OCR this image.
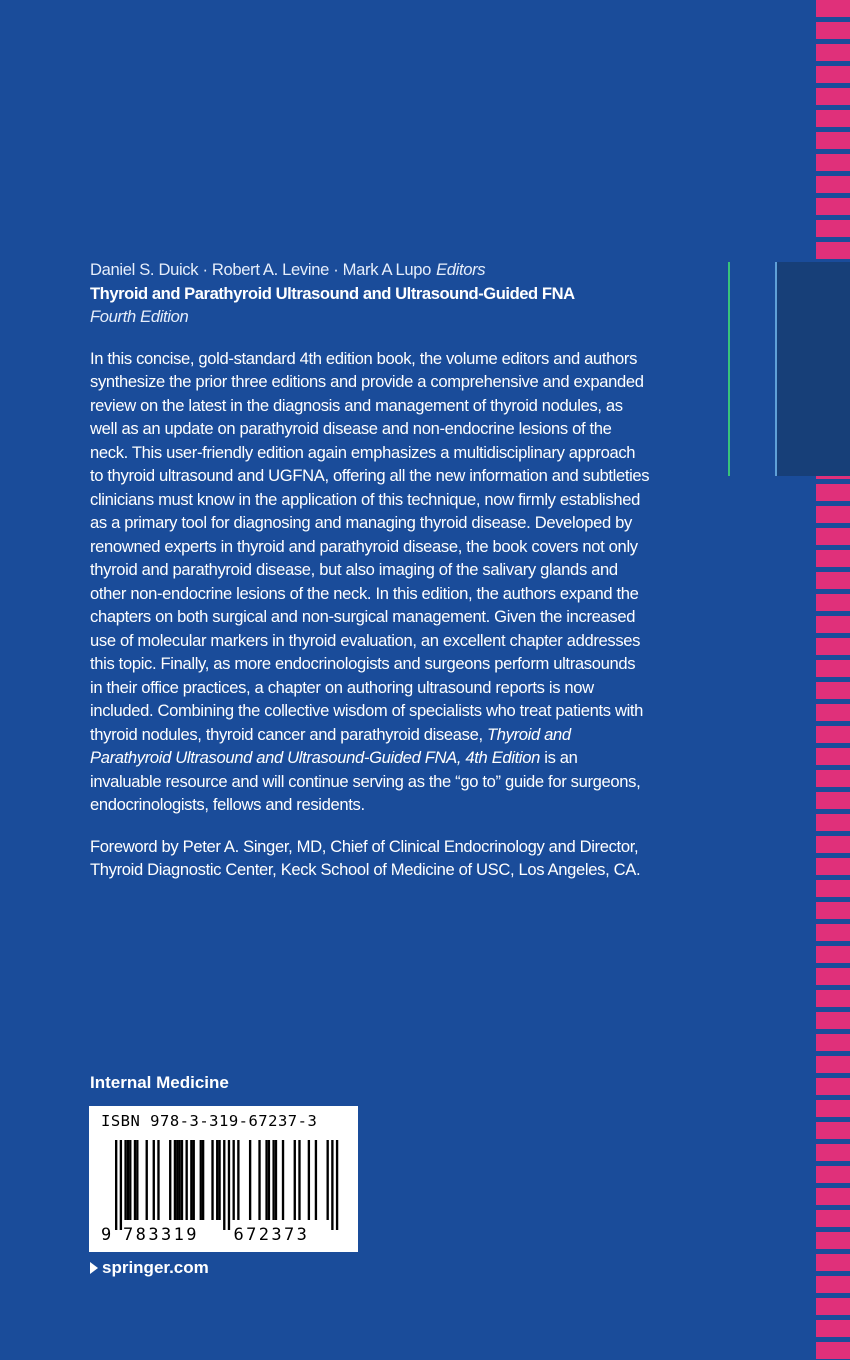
Daniel S. Duick · Robert A. Levine · Mark A Lupo Editors

Thyroid and Parathyroid Ultrasound and Ultrasound-Guided FNA

Fourth Edition

In this concise, gold-standard 4th edition book, the volume editors and authors synthesize the prior three editions and provide a comprehensive and expanded review on the latest in the diagnosis and management of thyroid nodules, as well as an update on parathyroid disease and non-endocrine lesions of the neck. This user-friendly edition again emphasizes a multidisciplinary approach to thyroid ultrasound and UGFNA, offering all the new information and subtleties clinicians must know in the application of this technique, now firmly established as a primary tool for diagnosing and managing thyroid disease. Developed by renowned experts in thyroid and parathyroid disease, the book covers not only thyroid and parathyroid disease, but also imaging of the salivary glands and other non-endocrine lesions of the neck. In this edition, the authors expand the chapters on both surgical and non-surgical management. Given the increased use of molecular markers in thyroid evaluation, an excellent chapter addresses this topic. Finally, as more endocrinologists and surgeons perform ultrasounds in their office practices, a chapter on authoring ultrasound reports is now included. Combining the collective wisdom of specialists who treat patients with thyroid nodules, thyroid cancer and parathyroid disease, Thyroid and Parathyroid Ultrasound and Ultrasound-Guided FNA, 4th Edition is an invaluable resource and will continue serving as the “go to” guide for surgeons, endocrinologists, fellows and residents.

Foreword by Peter A. Singer, MD, Chief of Clinical Endocrinology and Director, Thyroid Diagnostic Center, Keck School of Medicine of USC, Los Angeles, CA.

Internal Medicine

ISBN 978-3-319-67237-3

9 783319 672373
springer.com
